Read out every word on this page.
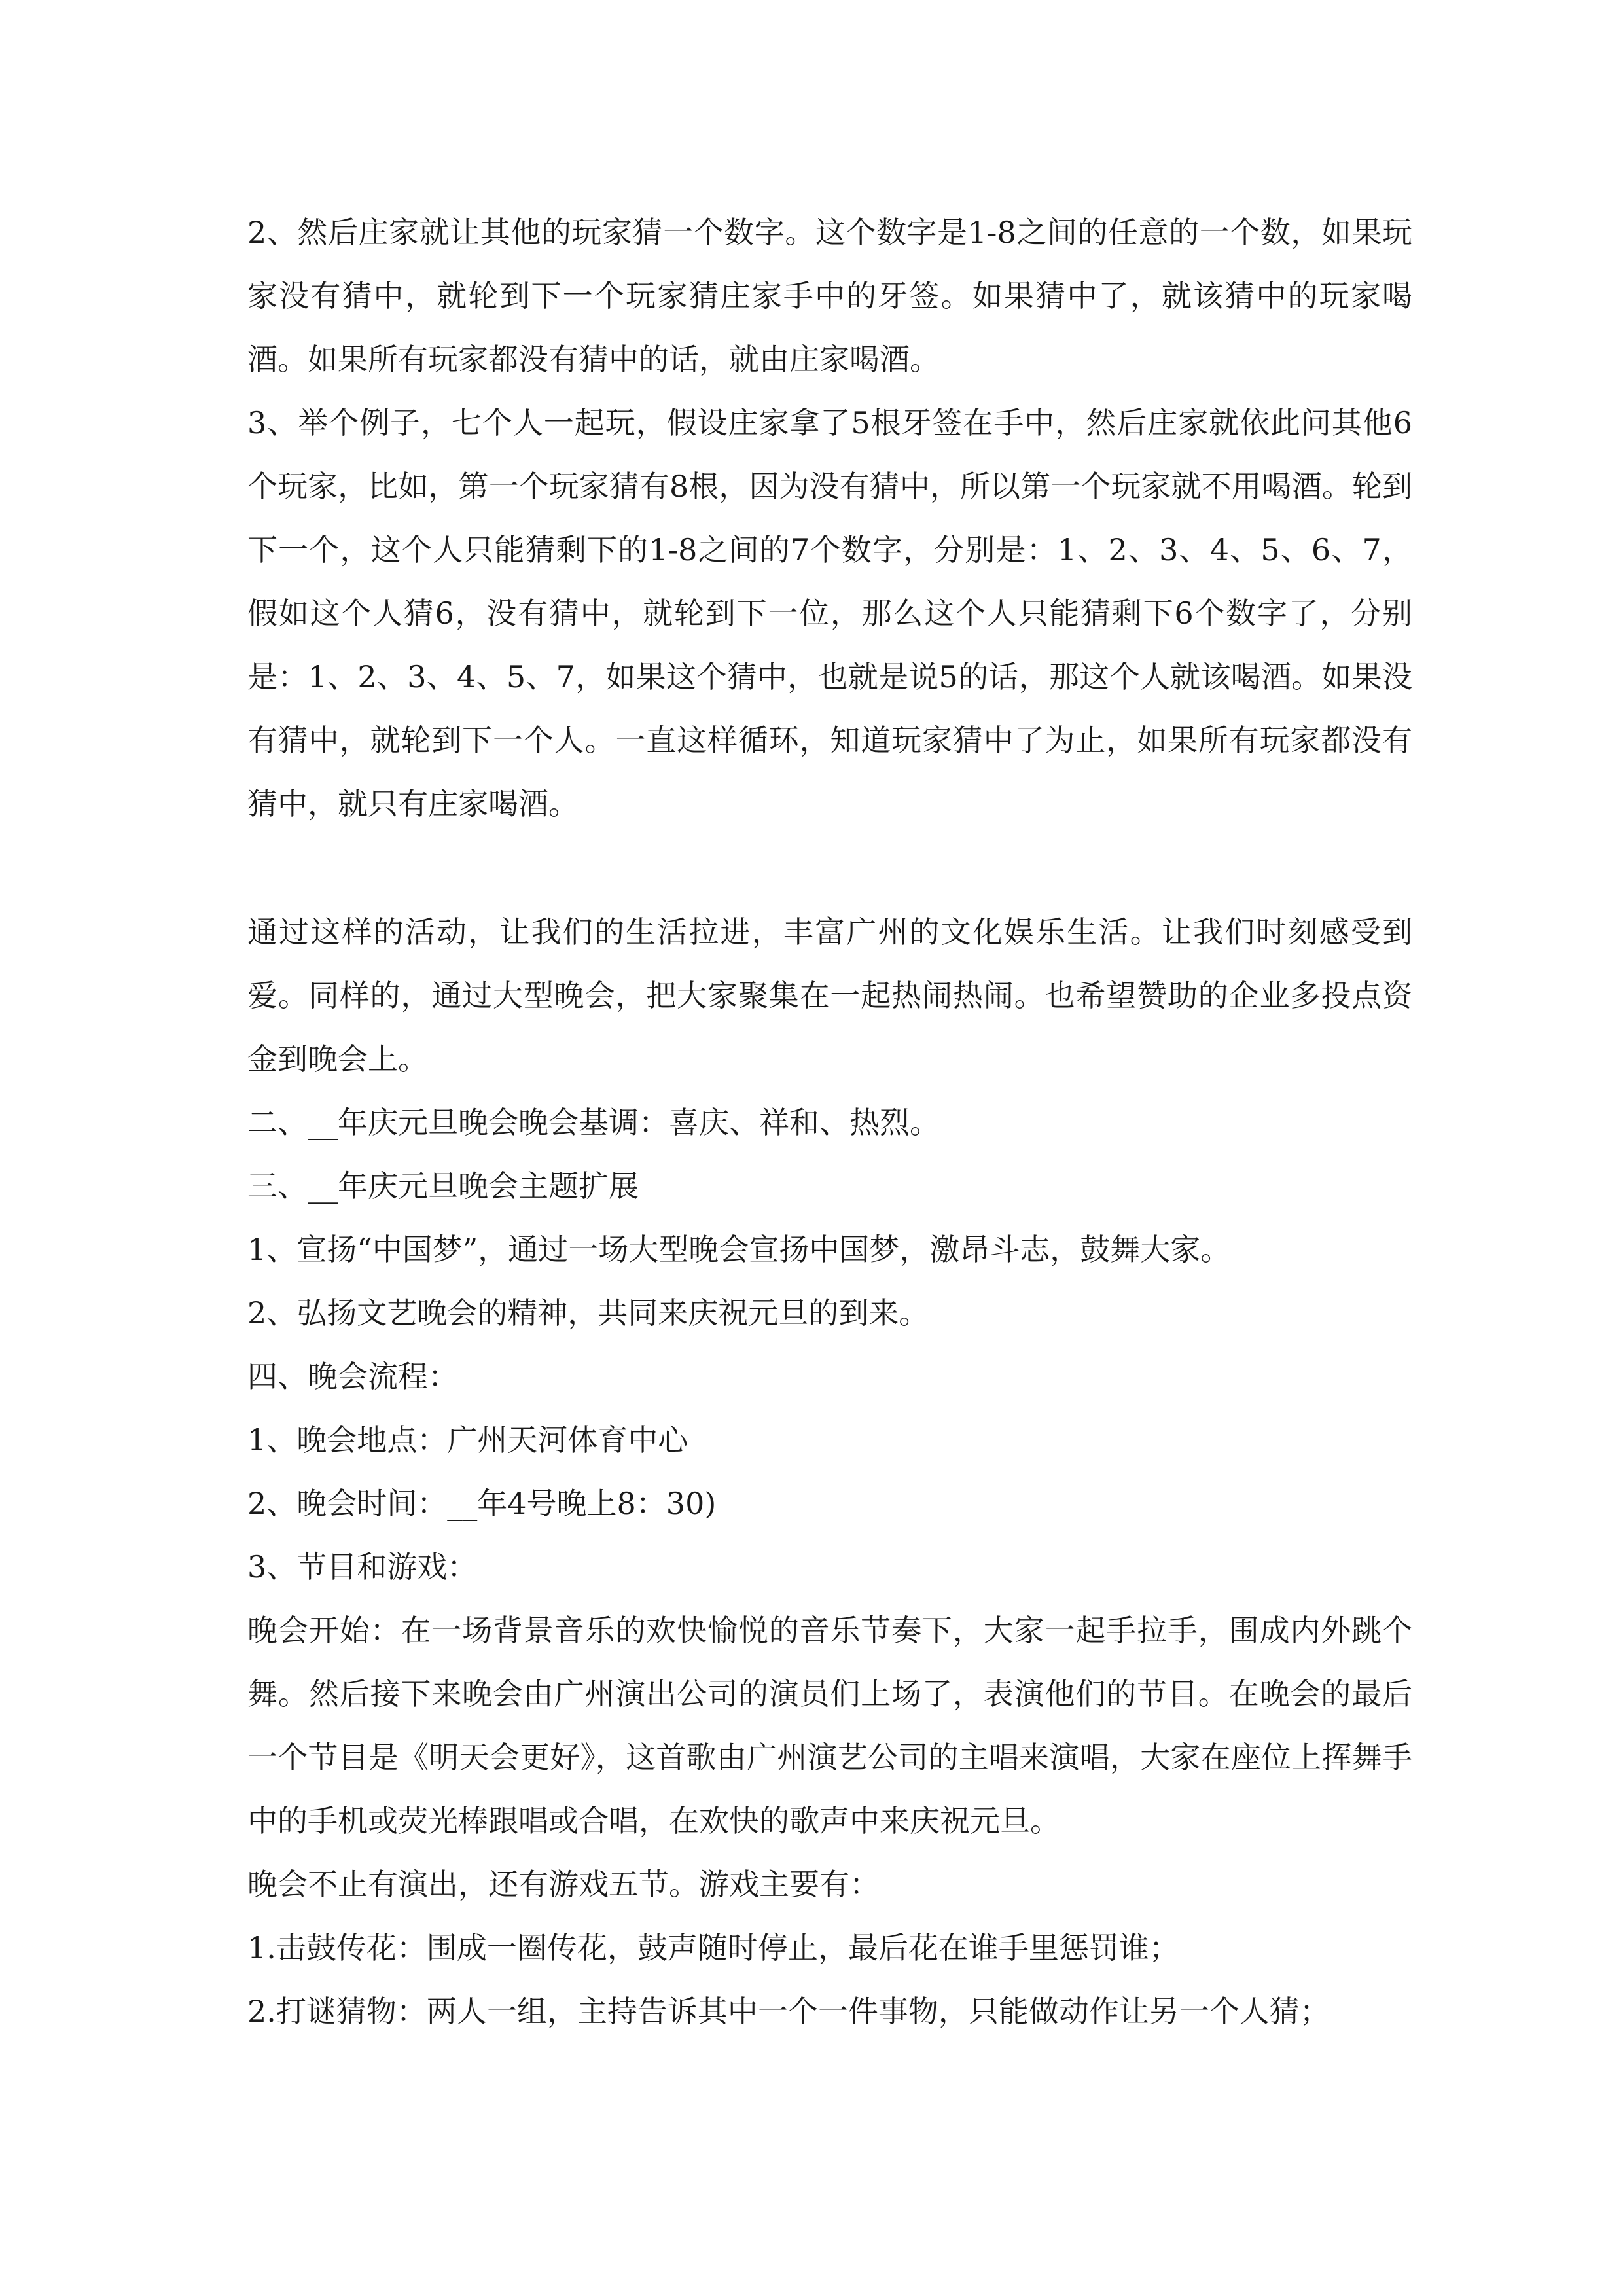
2、然后庄家就让其他的玩家猜一个数字。这个数字是1-8之间的任意的一个数，如果玩家没有猜中，就轮到下一个玩家猜庄家手中的牙签。如果猜中了，就该猜中的玩家喝酒。如果所有玩家都没有猜中的话，就由庄家喝酒。

3、举个例子，七个人一起玩，假设庄家拿了5根牙签在手中，然后庄家就依此问其他6个玩家，比如，第一个玩家猜有8根，因为没有猜中，所以第一个玩家就不用喝酒。轮到下一个，这个人只能猜剩下的1-8之间的7个数字，分别是：1、2、3、4、5、6、7，假如这个人猜6，没有猜中，就轮到下一位，那么这个人只能猜剩下6个数字了，分别是：1、2、3、4、5、7，如果这个猜中，也就是说5的话，那这个人就该喝酒。如果没有猜中，就轮到下一个人。一直这样循环，知道玩家猜中了为止，如果所有玩家都没有猜中，就只有庄家喝酒。

通过这样的活动，让我们的生活拉进，丰富广州的文化娱乐生活。让我们时刻感受到爱。同样的，通过大型晚会，把大家聚集在一起热闹热闹。也希望赞助的企业多投点资金到晚会上。

二、__年庆元旦晚会晚会基调：喜庆、祥和、热烈。

三、__年庆元旦晚会主题扩展

1、宣扬“中国梦”，通过一场大型晚会宣扬中国梦，激昂斗志，鼓舞大家。

2、弘扬文艺晚会的精神，共同来庆祝元旦的到来。

四、晚会流程：

1、晚会地点：广州天河体育中心

2、晚会时间：__年4号晚上8：30)

3、节目和游戏：

晚会开始：在一场背景音乐的欢快愉悦的音乐节奏下，大家一起手拉手，围成内外跳个舞。然后接下来晚会由广州演出公司的演员们上场了，表演他们的节目。在晚会的最后一个节目是《明天会更好》，这首歌由广州演艺公司的主唱来演唱，大家在座位上挥舞手中的手机或荧光棒跟唱或合唱，在欢快的歌声中来庆祝元旦。

晚会不止有演出，还有游戏五节。游戏主要有：

1.击鼓传花：围成一圈传花，鼓声随时停止，最后花在谁手里惩罚谁；

2.打谜猜物：两人一组，主持告诉其中一个一件事物，只能做动作让另一个人猜；
